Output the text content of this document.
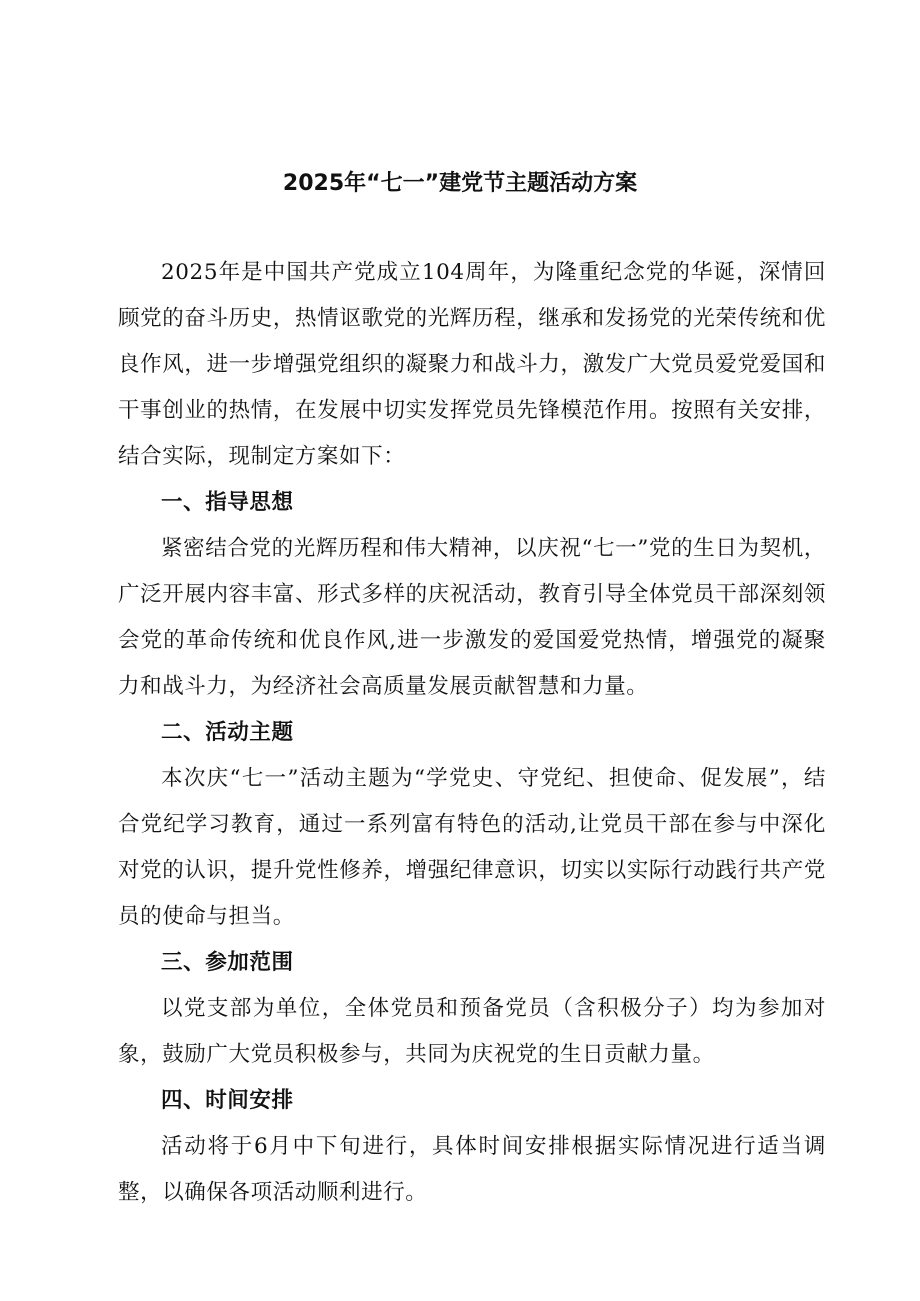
2025年“七一”建党节主题活动方案

2025年是中国共产党成立104周年，为隆重纪念党的华诞，深情回顾党的奋斗历史，热情讴歌党的光辉历程，继承和发扬党的光荣传统和优良作风，进一步增强党组织的凝聚力和战斗力，激发广大党员爱党爱国和干事创业的热情，在发展中切实发挥党员先锋模范作用。按照有关安排，结合实际，现制定方案如下：

一、指导思想

紧密结合党的光辉历程和伟大精神，以庆祝“七一”党的生日为契机，广泛开展内容丰富、形式多样的庆祝活动，教育引导全体党员干部深刻领会党的革命传统和优良作风,进一步激发的爱国爱党热情，增强党的凝聚力和战斗力，为经济社会高质量发展贡献智慧和力量。

二、活动主题

本次庆“七一”活动主题为“学党史、守党纪、担使命、促发展”，结合党纪学习教育，通过一系列富有特色的活动,让党员干部在参与中深化对党的认识，提升党性修养，增强纪律意识，切实以实际行动践行共产党员的使命与担当。

三、参加范围

以党支部为单位，全体党员和预备党员（含积极分子）均为参加对象，鼓励广大党员积极参与，共同为庆祝党的生日贡献力量。

四、时间安排

活动将于6月中下旬进行，具体时间安排根据实际情况进行适当调整，以确保各项活动顺利进行。
